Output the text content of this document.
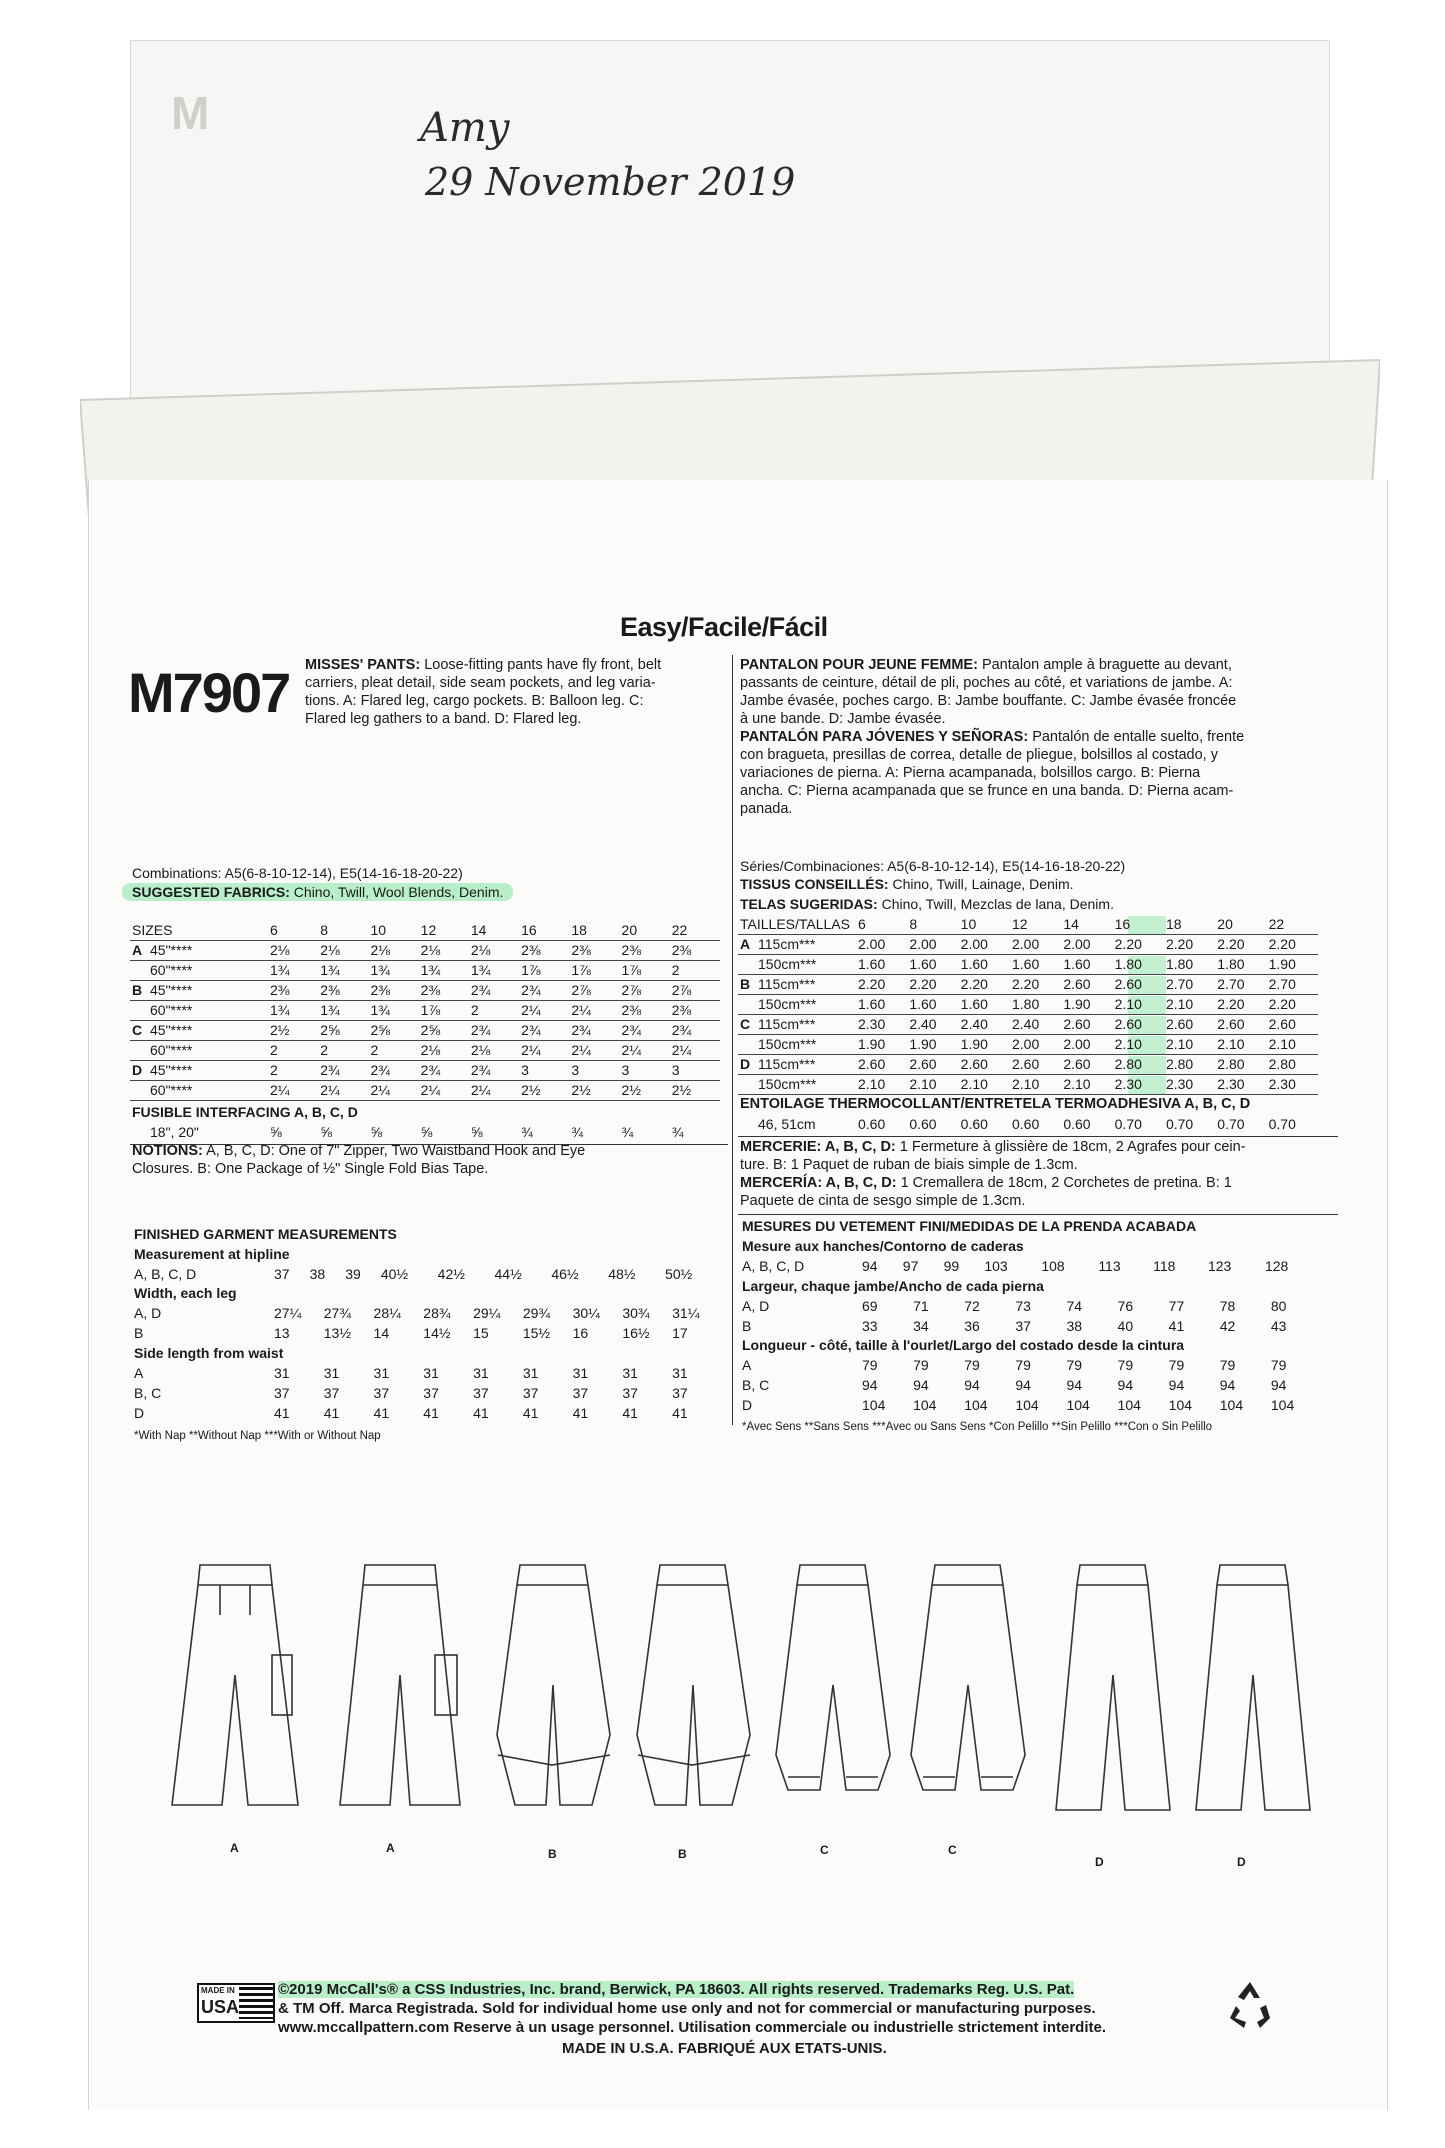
M	Amy
29 November 2019
Easy/Facile/Fácil
M7907 MISSES' PANTS: Loose-fitting pants have fly front, belt
carriers, pleat detail, side seam pockets, and leg varia-
tions. A: Flared leg, cargo pockets. B: Balloon leg. C:
Flared leg gathers to a band. D: Flared leg.
PANTALON POUR JEUNE FEMME: Pantalon ample à braguette au devant,
passants de ceinture, détail de pli, poches au côté, et variations de jambe. A:
Jambe évasée, poches cargo. B: Jambe bouffante. C: Jambe évasée froncée
à une bande. D: Jambe évasée.
PANTALÓN PARA JÓVENES Y SEÑORAS: Pantalón de entalle suelto, frente
con bragueta, presillas de correa, detalle de pliegue, bolsillos al costado, y
variaciones de pierna. A: Pierna acampanada, bolsillos cargo. B: Pierna
ancha. C: Pierna acampanada que se frunce en una banda. D: Pierna acam-
panada.
Combinations: A5(6-8-10-12-14), E5(14-16-18-20-22)
SUGGESTED FABRICS: Chino, Twill, Wool Blends, Denim.
SIZES		6	8	10	12	14	16	18	20	22
A	45"****	2⅛	2⅛	2⅛	2⅛	2⅛	2⅜	2⅜	2⅜	2⅜
	60"****	1¾	1¾	1¾	1¾	1¾	1⅞	1⅞	1⅞	2
B	45"****	2⅜	2⅜	2⅜	2⅜	2¾	2¾	2⅞	2⅞	2⅞
	60"****	1¾	1¾	1¾	1⅞	2	2¼	2¼	2⅜	2⅜
C	45"****	2½	2⅝	2⅝	2⅝	2¾	2¾	2¾	2¾	2¾
	60"****	2	2	2	2⅛	2⅛	2¼	2¼	2¼	2¼
D	45"****	2	2¾	2¾	2¾	2¾	3	3	3	3
	60"****	2¼	2¼	2¼	2¼	2¼	2½	2½	2½	2½
FUSIBLE INTERFACING A, B, C, D
	18", 20"	⅝	⅝	⅝	⅝	⅝	¾	¾	¾	¾
NOTIONS: A, B, C, D: One of 7" Zipper, Two Waistband Hook and Eye
Closures. B: One Package of ½" Single Fold Bias Tape.
FINISHED GARMENT MEASUREMENTS
Measurement at hipline
A, B, C, D	37	38	39	40½	42½	44½	46½	48½	50½
Width, each leg
A, D	27¼	27¾	28¼	28¾	29¼	29¾	30¼	30¾	31¼
B	13	13½	14	14½	15	15½	16	16½	17
Side length from waist
A	31	31	31	31	31	31	31	31	31
B, C	37	37	37	37	37	37	37	37	37
D	41	41	41	41	41	41	41	41	41
*With Nap **Without Nap ***With or Without Nap
Séries/Combinaciones: A5(6-8-10-12-14), E5(14-16-18-20-22)
TISSUS CONSEILLÉS: Chino, Twill, Lainage, Denim.
TELAS SUGERIDAS: Chino, Twill, Mezclas de lana, Denim.
TAILLES/TALLAS		6	8	10	12	14	16	18	20	22
A	115cm***	2.00	2.00	2.00	2.00	2.00	2.20	2.20	2.20	2.20
	150cm***	1.60	1.60	1.60	1.60	1.60	1.80	1.80	1.80	1.90
B	115cm***	2.20	2.20	2.20	2.20	2.60	2.60	2.70	2.70	2.70
	150cm***	1.60	1.60	1.60	1.80	1.90	2.10	2.10	2.20	2.20
C	115cm***	2.30	2.40	2.40	2.40	2.60	2.60	2.60	2.60	2.60
	150cm***	1.90	1.90	1.90	2.00	2.00	2.10	2.10	2.10	2.10
D	115cm***	2.60	2.60	2.60	2.60	2.60	2.80	2.80	2.80	2.80
	150cm***	2.10	2.10	2.10	2.10	2.10	2.30	2.30	2.30	2.30
ENTOILAGE THERMOCOLLANT/ENTRETELA TERMOADHESIVA A, B, C, D
	46, 51cm	0.60	0.60	0.60	0.60	0.60	0.70	0.70	0.70	0.70
MERCERIE: A, B, C, D: 1 Fermeture à glissière de 18cm, 2 Agrafes pour cein-
ture. B: 1 Paquet de ruban de biais simple de 1.3cm.
MERCERÍA: A, B, C, D: 1 Cremallera de 18cm, 2 Corchetes de pretina. B: 1
Paquete de cinta de sesgo simple de 1.3cm.
MESURES DU VETEMENT FINI/MEDIDAS DE LA PRENDA ACABADA
Mesure aux hanches/Contorno de caderas
A, B, C, D	94	97	99	103	108	113	118	123	128
Largeur, chaque jambe/Ancho de cada pierna
A, D	69	71	72	73	74	76	77	78	80
B	33	34	36	37	38	40	41	42	43
Longueur - côté, taille à l'ourlet/Largo del costado desde la cintura
A	79	79	79	79	79	79	79	79	79
B, C	94	94	94	94	94	94	94	94	94
D	104	104	104	104	104	104	104	104	104
*Avec Sens **Sans Sens ***Avec ou Sans Sens *Con Pelillo **Sin Pelillo ***Con o Sin Pelillo
A	A	B	B	C	C
D	D
MADE IN
USA
©2019 McCall's® a CSS Industries, Inc. brand, Berwick, PA 18603. All rights reserved. Trademarks Reg. U.S. Pat.
& TM Off. Marca Registrada. Sold for individual home use only and not for commercial or manufacturing purposes.
www.mccallpattern.com Reserve à un usage personnel. Utilisation commerciale ou industrielle strictement interdite.
MADE IN U.S.A. FABRIQUÉ AUX ETATS-UNIS.
